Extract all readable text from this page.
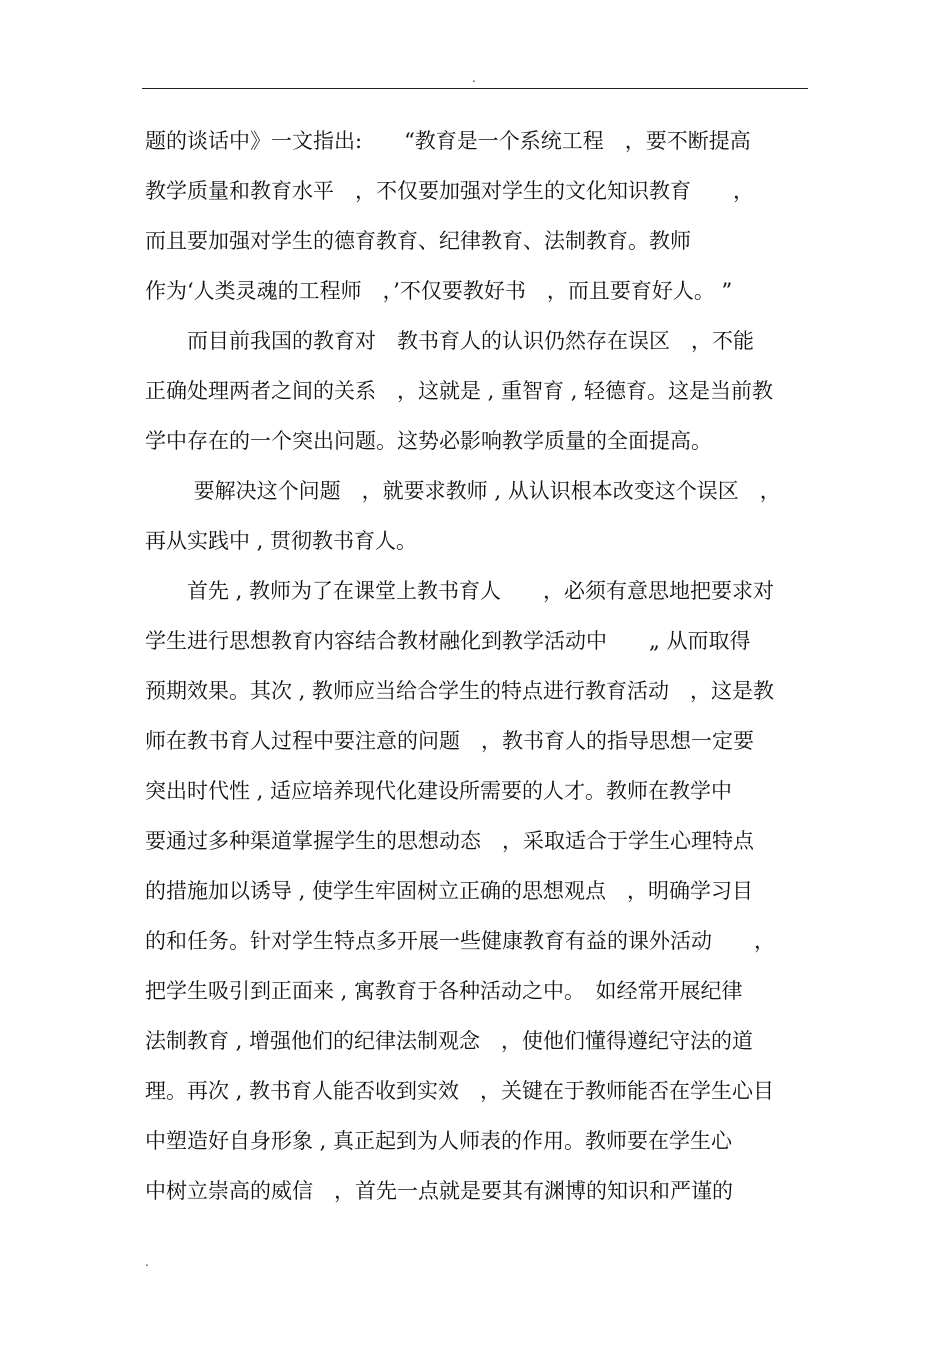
.
题的谈话中》一文指出:　　“教育是一个系统工程　，要不断提高
教学质量和教育水平　，不仅要加强对学生的文化知识教育　　，
而且要加强对学生的德育教育、纪律教育、法制教育。教师
作为‘人类灵魂的工程师　，’不仅要教好书　，而且要育好人。 ”
　　而目前我国的教育对　教书育人的认识仍然存在误区　，不能
正确处理两者之间的关系　，这就是 , 重智育 , 轻德育。这是当前教
学中存在的一个突出问题。这势必影响教学质量的全面提高。
　　 要解决这个问题　，就要求教师 , 从认识根本改变这个误区　，
再从实践中 , 贯彻教书育人。
　　首先 , 教师为了在课堂上教书育人　　，必须有意思地把要求对
学生进行思想教育内容结合教材融化到教学活动中　　„ 从而取得
预期效果。其次 , 教师应当给合学生的特点进行教育活动　，这是教
师在教书育人过程中要注意的问题　，教书育人的指导思想一定要
突出时代性 , 适应培养现代化建设所需要的人才。教师在教学中
要通过多种渠道掌握学生的思想动态　，采取适合于学生心理特点
的措施加以诱导 , 使学生牢固树立正确的思想观点　，明确学习目
的和任务。针对学生特点多开展一些健康教育有益的课外活动　　，
把学生吸引到正面来 , 寓教育于各种活动之中。　如经常开展纪律
法制教育 , 增强他们的纪律法制观念　，使他们懂得遵纪守法的道
理。再次 , 教书育人能否收到实效　，关键在于教师能否在学生心目
中塑造好自身形象 , 真正起到为人师表的作用。教师要在学生心
中树立崇高的威信　，首先一点就是要其有渊博的知识和严谨的
.
